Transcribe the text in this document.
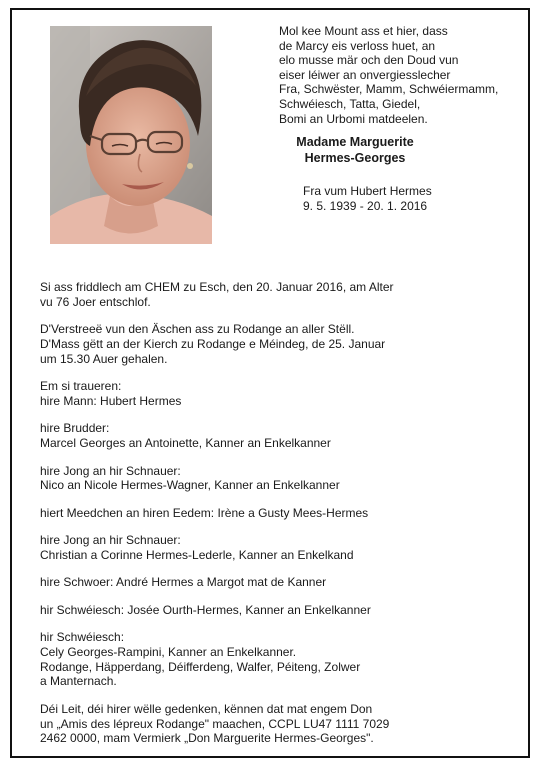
Mol kee Mount ass et hier, dass
de Marcy eis verloss huet, an
elo musse mär och den Doud vun
eiser léiwer an onvergiesslecher
Fra, Schwëster, Mamm, Schwéiermamm,
Schwéiesch, Tatta, Giedel,
Bomi an Urbomi matdeelen.
Madame Marguerite
Hermes-Georges
Fra vum Hubert Hermes
9. 5. 1939 - 20. 1. 2016
Si ass friddlech am CHEM zu Esch, den 20. Januar 2016, am Alter
vu 76 Joer entschlof.
D'Verstreeë vun den Äschen ass zu Rodange an aller Stëll.
D'Mass gëtt an der Kierch zu Rodange e Méindeg, de 25. Januar
um 15.30 Auer gehalen.
Em si traueren:
hire Mann: Hubert Hermes
hire Brudder:
Marcel Georges an Antoinette, Kanner an Enkelkanner
hire Jong an hir Schnauer:
Nico an Nicole Hermes-Wagner, Kanner an Enkelkanner
hiert Meedchen an hiren Eedem: Irène a Gusty Mees-Hermes
hire Jong an hir Schnauer:
Christian a Corinne Hermes-Lederle, Kanner an Enkelkand
hire Schwoer: André Hermes a Margot mat de Kanner
hir Schwéiesch: Josée Ourth-Hermes, Kanner an Enkelkanner
hir Schwéiesch:
Cely Georges-Rampini, Kanner an Enkelkanner.
Rodange, Häpperdang, Déifferdeng, Walfer, Péiteng, Zolwer
a Manternach.
Déi Leit, déi hirer wëlle gedenken, kënnen dat mat engem Don
un „Amis des lépreux Rodange" maachen, CCPL LU47 1111 7029
2462 0000, mam Vermierk „Don Marguerite Hermes-Georges".
